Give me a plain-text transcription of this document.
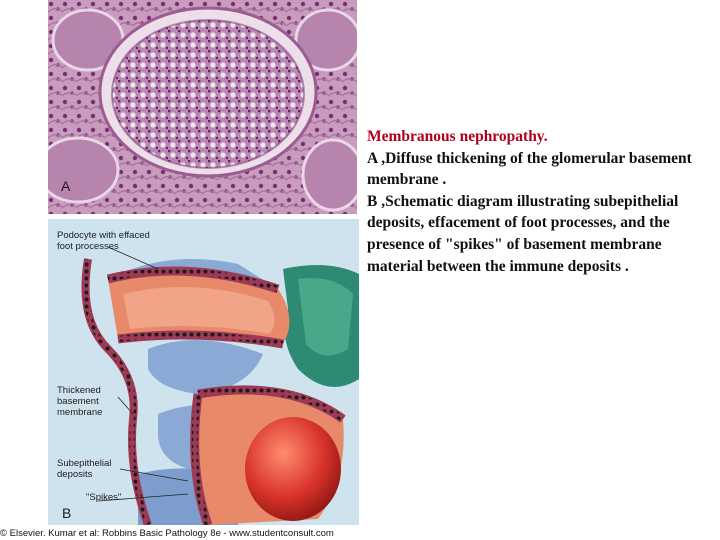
A
Podocyte with effaced
foot processes
Thickened
basement
membrane
Subepithelial
deposits
"Spikes"
B
Membranous nephropathy.
A ,Diffuse thickening of the glomerular basement membrane .
B ,Schematic diagram illustrating subepithelial deposits, effacement of foot processes, and the presence of "spikes" of basement membrane material between the immune deposits .
© Elsevier. Kumar et al: Robbins Basic Pathology 8e - www.studentconsult.com
